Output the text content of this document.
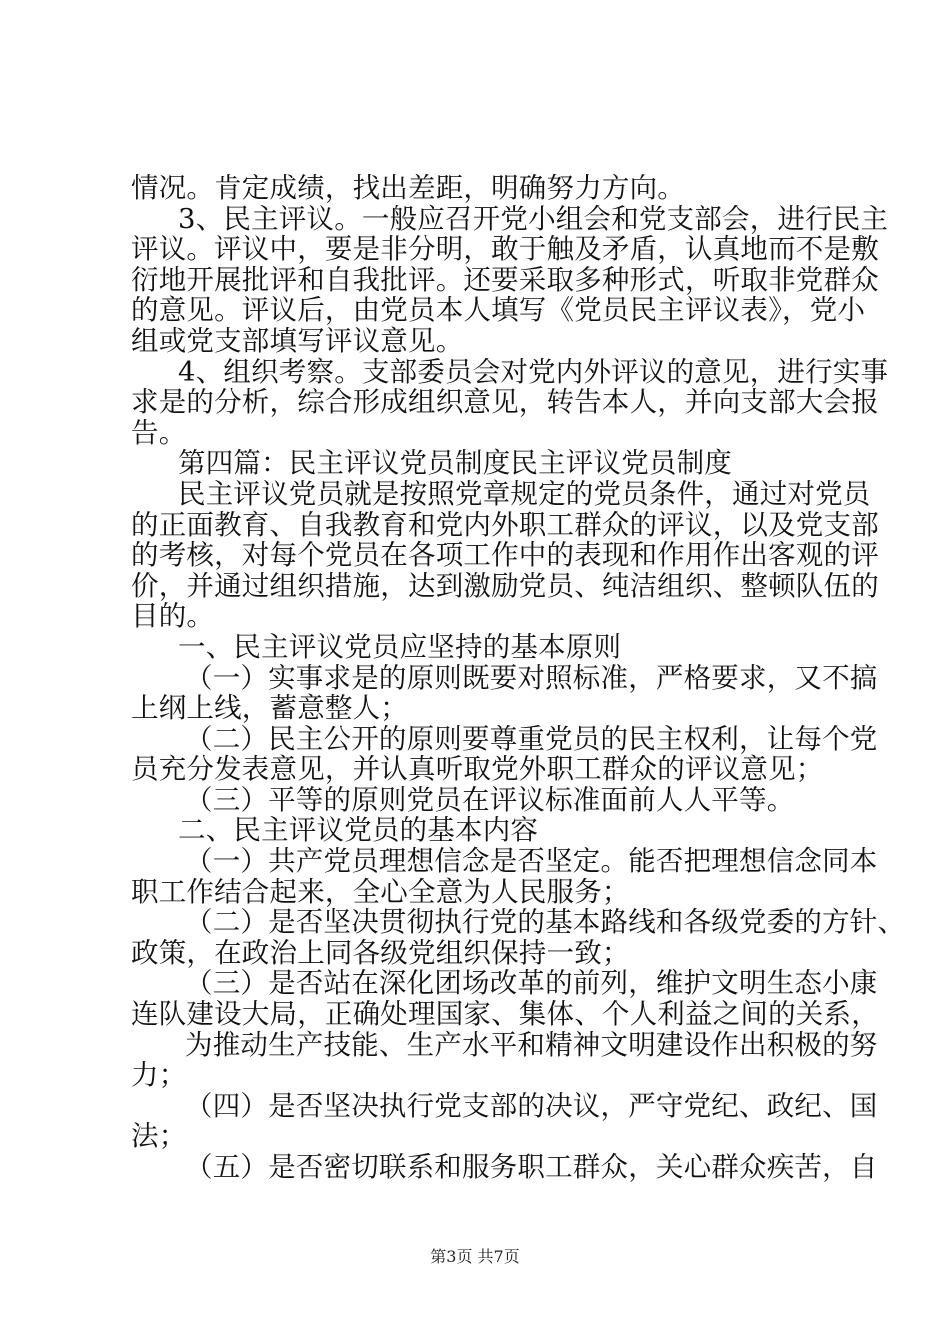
情况。肯定成绩，找出差距，明确努力方向。
3、民主评议。一般应召开党小组会和党支部会，进行民主
评议。评议中，要是非分明，敢于触及矛盾，认真地而不是敷
衍地开展批评和自我批评。还要采取多种形式，听取非党群众
的意见。评议后，由党员本人填写《党员民主评议表》，党小
组或党支部填写评议意见。
4、组织考察。支部委员会对党内外评议的意见，进行实事
求是的分析，综合形成组织意见，转告本人，并向支部大会报
告。
第四篇：民主评议党员制度民主评议党员制度
民主评议党员就是按照党章规定的党员条件，通过对党员
的正面教育、自我教育和党内外职工群众的评议，以及党支部
的考核，对每个党员在各项工作中的表现和作用作出客观的评
价，并通过组织措施，达到激励党员、纯洁组织、整顿队伍的
目的。
一、民主评议党员应坚持的基本原则
（一）实事求是的原则既要对照标准，严格要求，又不搞
上纲上线，蓄意整人；
（二）民主公开的原则要尊重党员的民主权利，让每个党
员充分发表意见，并认真听取党外职工群众的评议意见；
（三）平等的原则党员在评议标准面前人人平等。
二、民主评议党员的基本内容
（一）共产党员理想信念是否坚定。能否把理想信念同本
职工作结合起来，全心全意为人民服务；
（二）是否坚决贯彻执行党的基本路线和各级党委的方针、
政策，在政治上同各级党组织保持一致；
（三）是否站在深化团场改革的前列，维护文明生态小康
连队建设大局，正确处理国家、集体、个人利益之间的关系，
为推动生产技能、生产水平和精神文明建设作出积极的努
力；
（四）是否坚决执行党支部的决议，严守党纪、政纪、国
第3页 共7页
法；
（五）是否密切联系和服务职工群众，关心群众疾苦，自
